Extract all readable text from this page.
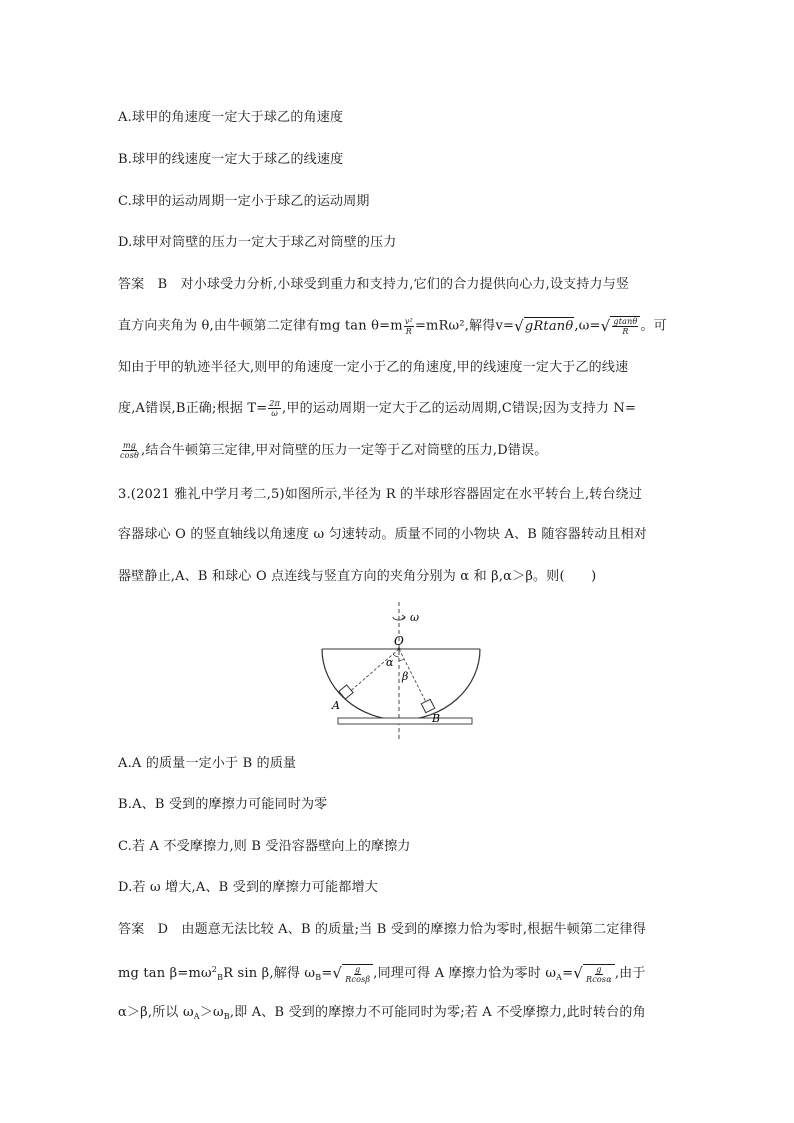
A.球甲的角速度一定大于球乙的角速度
B.球甲的线速度一定大于球乙的线速度
C.球甲的运动周期一定小于球乙的运动周期
D.球甲对筒壁的压力一定大于球乙对筒壁的压力
答案　B　对小球受力分析,小球受到重力和支持力,它们的合力提供向心力,设支持力与竖
直方向夹角为 θ,由牛顿第二定律有mg $\tan \theta=m \frac{\text{v²}}{R} =mR\omega^2$,解得v= √ gRtanθ ,ω= √ $\frac{gtan\theta}{R}$ 。可
知由于甲的轨迹半径大,则甲的角速度一定小于乙的角速度,甲的线速度一定大于乙的线速
度,A错误,B正确;根据 $T= \frac{2\pi}{\omega}$ ,甲的运动周期一定大于乙的运动周期,C错误;因为支持力 N=
$\frac{mg}{\cos\theta}$ ,结合牛顿第三定律,甲对筒壁的压力一定等于乙对筒壁的压力,D错误。
3.(2021 雅礼中学月考二,5)如图所示,半径为 R 的半球形容器固定在水平转台上,转台绕过
容器球心 O 的竖直轴线以角速度 ω 匀速转动。质量不同的小物块 A、B 随容器转动且相对
器壁静止,A、B 和球心 O 点连线与竖直方向的夹角分别为 α 和 β,α＞β。则(　　)
ω
O
α
β
A
B
A.A 的质量一定小于 B 的质量
B.A、B 受到的摩擦力可能同时为零
C.若 A 不受摩擦力,则 B 受沿容器壁向上的摩擦力
D.若 ω 增大,A、B 受到的摩擦力可能都增大
答案　D　由题意无法比较 A、B 的质量;当 B 受到的摩擦力恰为零时,根据牛顿第二定律得
mg $\tan \beta=m\omega^2_BR$ sin β,解得 $\omega_B=$ √ $\frac{g}{Rcos\beta}$ ,同理可得 A 摩擦力恰为零时 $\omega_A=$ √ $\frac{g}{Rcos\alpha}$ ,由于
α＞β,所以 $\omega_A>\omega_B$,即 A、B 受到的摩擦力不可能同时为零;若 A 不受摩擦力,此时转台的角
